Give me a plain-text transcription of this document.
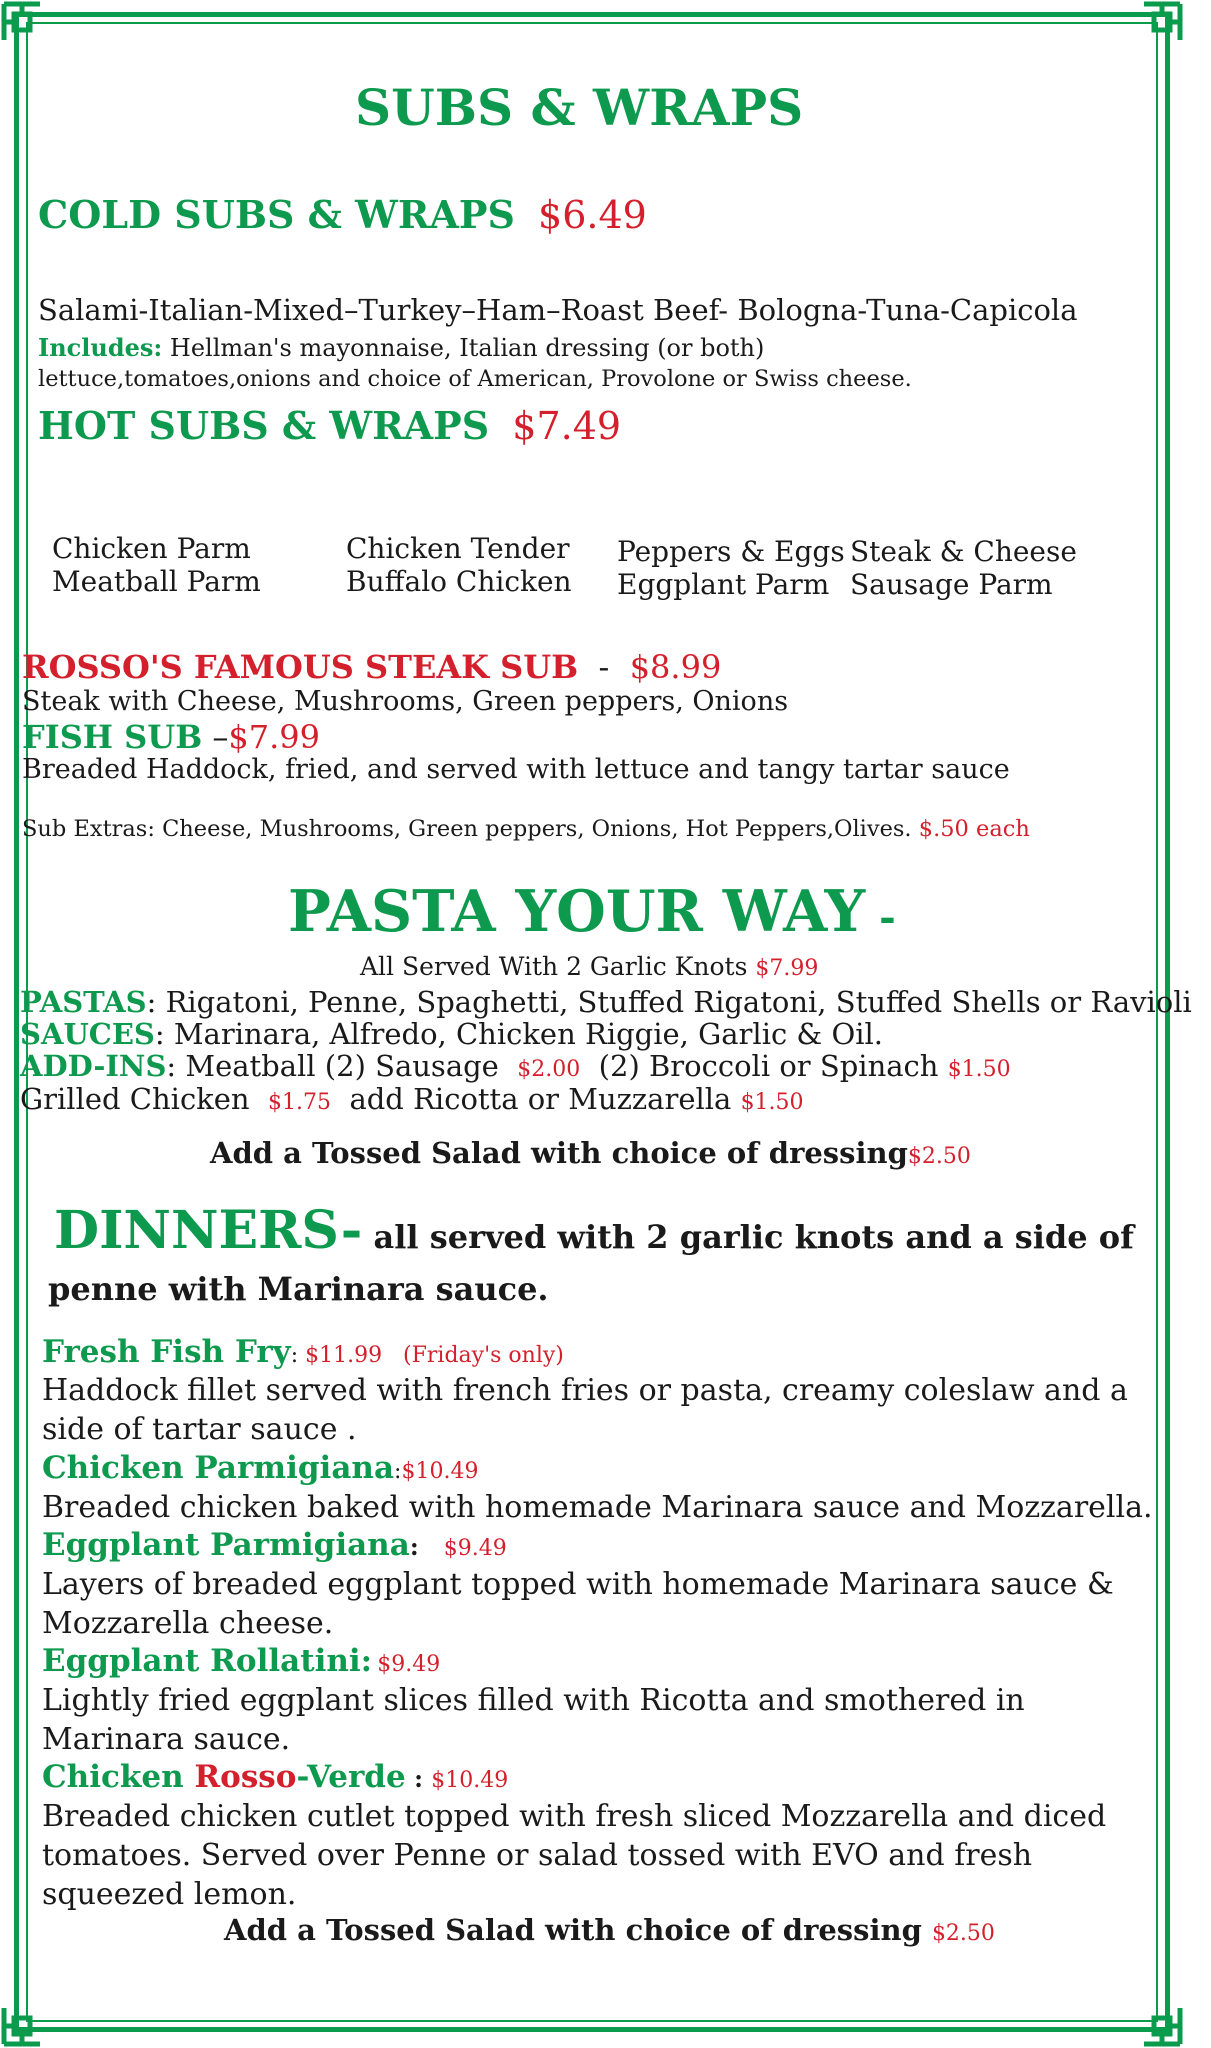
SUBS & WRAPS
COLD SUBS & WRAPS $6.49
Salami-Italian-Mixed–Turkey–Ham–Roast Beef- Bologna-Tuna-Capicola
Includes: Hellman's mayonnaise, Italian dressing (or both)
lettuce,tomatoes,onions and choice of American, Provolone or Swiss cheese.
HOT SUBS & WRAPS $7.49
Chicken Parm
Meatball Parm
Chicken Tender
Buffalo Chicken
Peppers & Eggs
Eggplant Parm
Steak & Cheese
Sausage Parm
ROSSO'S FAMOUS STEAK SUB  -  $8.99
Steak with Cheese, Mushrooms, Green peppers, Onions
FISH SUB –$7.99
Breaded Haddock, fried, and served with lettuce and tangy tartar sauce
Sub Extras: Cheese, Mushrooms, Green peppers, Onions, Hot Peppers,Olives. $.50 each
PASTA YOUR WAY -
All Served With 2 Garlic Knots $7.99
PASTAS: Rigatoni, Penne, Spaghetti, Stuffed Rigatoni, Stuffed Shells or Ravioli
SAUCES: Marinara, Alfredo, Chicken Riggie, Garlic & Oil.
ADD-INS: Meatball (2) Sausage  $2.00  (2) Broccoli or Spinach $1.50
Grilled Chicken  $1.75  add Ricotta or Muzzarella $1.50
Add a Tossed Salad with choice of dressing$2.50
DINNERS- all served with 2 garlic knots and a side of
penne with Marinara sauce.
Fresh Fish Fry: $11.99   (Friday's only)
Haddock fillet served with french fries or pasta, creamy coleslaw and a side of tartar sauce .
Chicken Parmigiana:$10.49
Breaded chicken baked with homemade Marinara sauce and Mozzarella.
Eggplant Parmigiana:   $9.49
Layers of breaded eggplant topped with homemade Marinara sauce & Mozzarella cheese.
Eggplant Rollatini: $9.49
Lightly fried eggplant slices filled with Ricotta and smothered in Marinara sauce.
Chicken Rosso-Verde : $10.49
Breaded chicken cutlet topped with fresh sliced Mozzarella and diced tomatoes. Served over Penne or salad tossed with EVO and fresh squeezed lemon.
Add a Tossed Salad with choice of dressing $2.50
